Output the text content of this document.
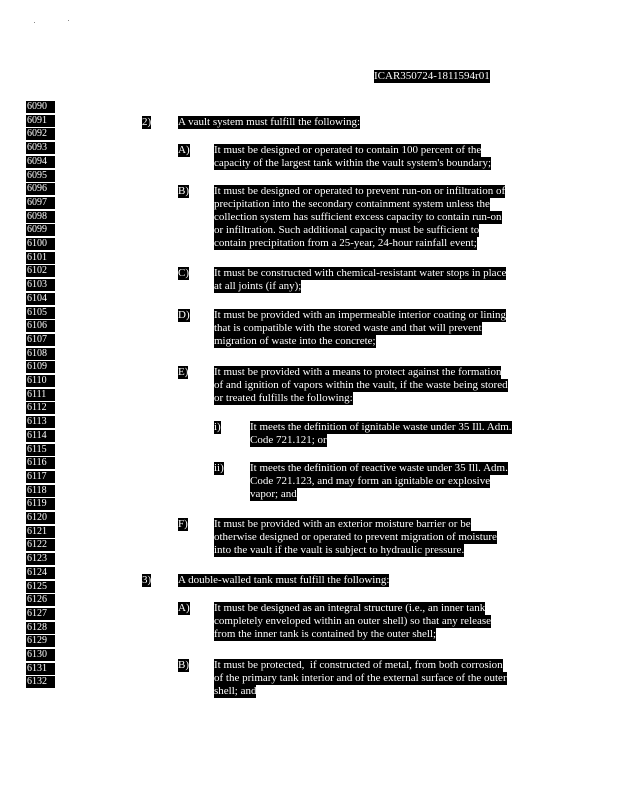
ICAR350724-1811594r01
6090
6091
6092
6093
6094
6095
6096
6097
6098
6099
6100
6101
6102
6103
6104
6105
6106
6107
6108
6109
6110
6111
6112
6113
6114
6115
6116
6117
6118
6119
6120
6121
6122
6123
6124
6125
6126
6127
6128
6129
6130
6131
6132
2) A vault system must fulfill the following:
A) It must be designed or operated to contain 100 percent of the
capacity of the largest tank within the vault system's boundary;
B) It must be designed or operated to prevent run-on or infiltration of
precipitation into the secondary containment system unless the
collection system has sufficient excess capacity to contain run-on
or infiltration. Such additional capacity must be sufficient to
contain precipitation from a 25-year, 24-hour rainfall event;
C) It must be constructed with chemical-resistant water stops in place
at all joints (if any);
D) It must be provided with an impermeable interior coating or lining
that is compatible with the stored waste and that will prevent
migration of waste into the concrete;
E) It must be provided with a means to protect against the formation
of and ignition of vapors within the vault, if the waste being stored
or treated fulfills the following:
i)	It meets the definition of ignitable waste under 35 Ill. Adm.
Code 721.121; or
ii) It meets the definition of reactive waste under 35 Ill. Adm.
Code 721.123, and may form an ignitable or explosive
vapor; and
F) It must be provided with an exterior moisture barrier or be
otherwise designed or operated to prevent migration of moisture
into the vault if the vault is subject to hydraulic pressure.
3) A double-walled tank must fulfill the following:
A) It must be designed as an integral structure (i.e., an inner tank
completely enveloped within an outer shell) so that any release
from the inner tank is contained by the outer shell;
B) It must be protected,  if constructed of metal, from both corrosion
of the primary tank interior and of the external surface of the outer
shell; and
